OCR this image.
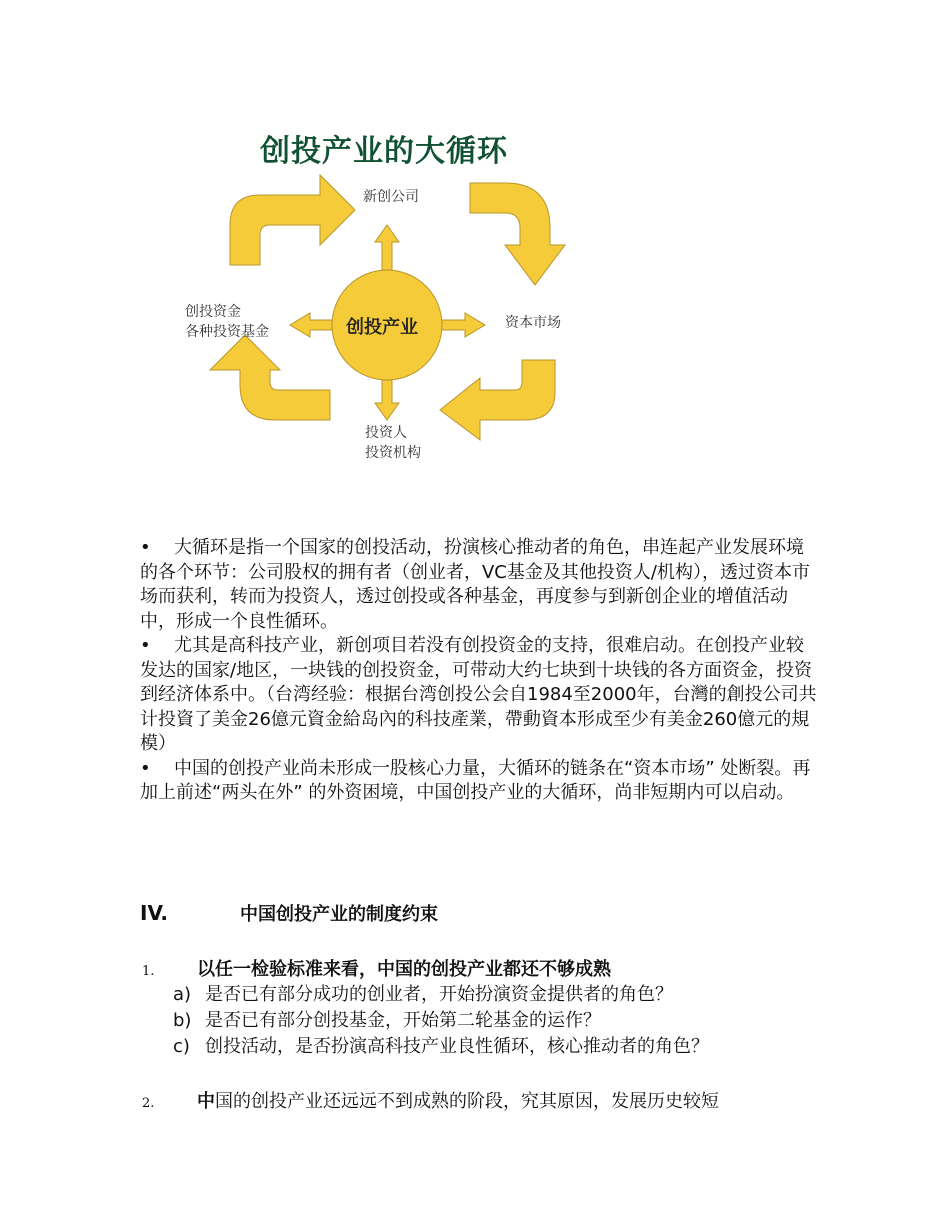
创投产业的大循环
创投产业
新创公司
资本市场
投资人
投资机构
创投资金
各种投资基金

• 大循环是指一个国家的创投活动，扮演核心推动者的角色，串连起产业发展环境的各个环节：公司股权的拥有者（创业者，VC基金及其他投资人/机构），透过资本市场而获利，转而为投资人，透过创投或各种基金，再度参与到新创企业的增值活动中，形成一个良性循环。

• 尤其是高科技产业，新创项目若没有创投资金的支持，很难启动。在创投产业较发达的国家/地区，一块钱的创投资金，可带动大约七块到十块钱的各方面资金，投资到经济体系中。（台湾经验：根据台湾创投公会自1984至2000年，台灣的創投公司共计投資了美金26億元資金給岛內的科技產業，帶動資本形成至少有美金260億元的規模）

• 中国的创投产业尚未形成一股核心力量，大循环的链条在“资本市场” 处断裂。再加上前述“两头在外” 的外资困境，中国创投产业的大循环，尚非短期内可以启动。

IV.	中国创投产业的制度约束
1. 以任一检验标准来看，中国的创投产业都还不够成熟
a) 是否已有部分成功的创业者，开始扮演资金提供者的角色？
b) 是否已有部分创投基金，开始第二轮基金的运作？
c) 创投活动，是否扮演高科技产业良性循环，核心推动者的角色？
2. 中国的创投产业还远远不到成熟的阶段，究其原因，发展历史较短
